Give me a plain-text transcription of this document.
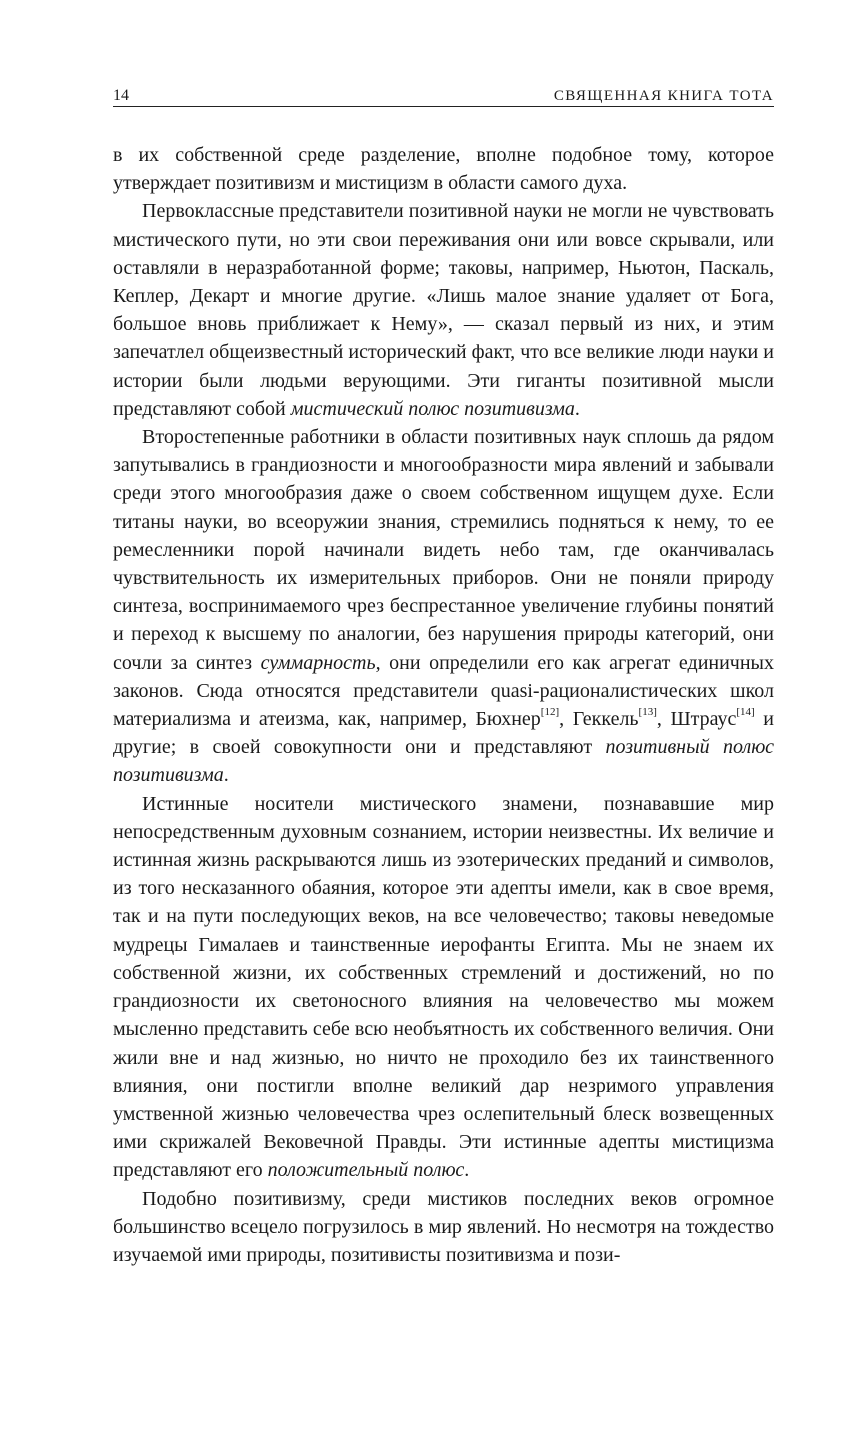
14	СВЯЩЕННАЯ КНИГА ТОТА

в их собственной среде разделение, вполне подобное тому, которое утверждает позитивизм и мистицизм в области самого духа.

Первоклассные представители позитивной науки не могли не чувствовать мистического пути, но эти свои переживания они или вовсе скрывали, или оставляли в неразработанной форме; таковы, например, Ньютон, Паскаль, Кеплер, Декарт и многие другие. «Лишь малое знание удаляет от Бога, большое вновь приближает к Нему», — сказал первый из них, и этим запечатлел общеизвестный исторический факт, что все великие люди науки и истории были людьми верующими. Эти гиганты позитивной мысли представляют собой мистический полюс позитивизма.

Второстепенные работники в области позитивных наук сплошь да рядом запутывались в грандиозности и многообразности мира явлений и забывали среди этого многообразия даже о своем собственном ищущем духе. Если титаны науки, во всеоружии знания, стремились подняться к нему, то ее ремесленники порой начинали видеть небо там, где оканчивалась чувствительность их измерительных приборов. Они не поняли природу синтеза, воспринимаемого чрез беспрестанное увеличение глубины понятий и переход к высшему по аналогии, без нарушения природы категорий, они сочли за синтез суммарность, они определили его как агрегат единичных законов. Сюда относятся представители quasi-рационалистических школ материализма и атеизма, как, например, Бюхнер[12], Геккель[13], Штраус[14] и другие; в своей совокупности они и представляют позитивный полюс позитивизма.

Истинные носители мистического знамени, познававшие мир непосредственным духовным сознанием, истории неизвестны. Их величие и истинная жизнь раскрываются лишь из эзотерических преданий и символов, из того несказанного обаяния, которое эти адепты имели, как в свое время, так и на пути последующих веков, на все человечество; таковы неведомые мудрецы Гималаев и таинственные иерофанты Египта. Мы не знаем их собственной жизни, их собственных стремлений и достижений, но по грандиозности их светоносного влияния на человечество мы можем мысленно представить себе всю необъятность их собственного величия. Они жили вне и над жизнью, но ничто не проходило без их таинственного влияния, они постигли вполне великий дар незримого управления умственной жизнью человечества чрез ослепительный блеск возвещенных ими скрижалей Вековечной Правды. Эти истинные адепты мистицизма представляют его положительный полюс.

Подобно позитивизму, среди мистиков последних веков огромное большинство всецело погрузилось в мир явлений. Но несмотря на тождество изучаемой ими природы, позитивисты позитивизма и пози-
